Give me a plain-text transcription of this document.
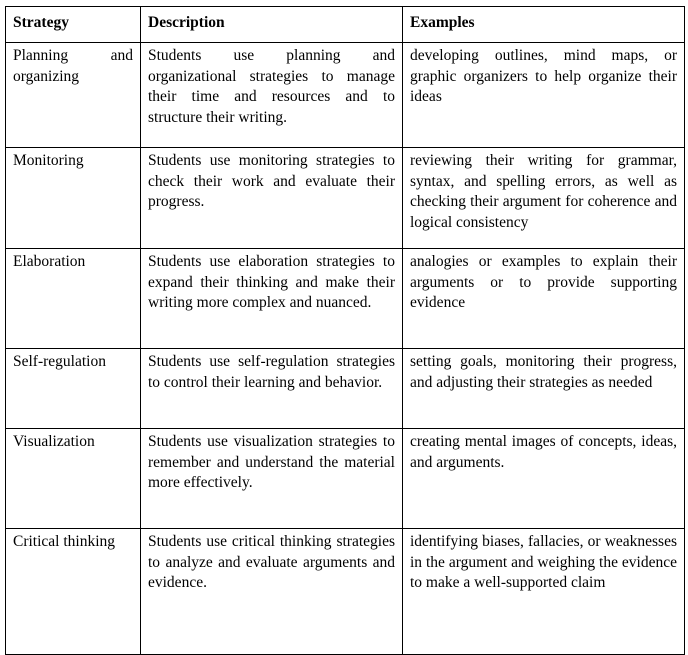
Strategy	Description	Examples
Planning and organizing	Students use planning and organizational strategies to manage their time and resources and to structure their writing.	developing outlines, mind maps, or graphic organizers to help organize their ideas
Monitoring	Students use monitoring strategies to check their work and evaluate their progress.	reviewing their writing for grammar, syntax, and spelling errors, as well as checking their argument for coherence and logical consistency
Elaboration	Students use elaboration strategies to expand their thinking and make their writing more complex and nuanced.	analogies or examples to explain their arguments or to provide supporting evidence
Self-regulation	Students use self-regulation strategies to control their learning and behavior.	setting goals, monitoring their progress, and adjusting their strategies as needed
Visualization	Students use visualization strategies to remember and understand the material more effectively.	creating mental images of concepts, ideas, and arguments.
Critical thinking	Students use critical thinking strategies to analyze and evaluate arguments and evidence.	identifying biases, fallacies, or weaknesses in the argument and weighing the evidence to make a well-supported claim
